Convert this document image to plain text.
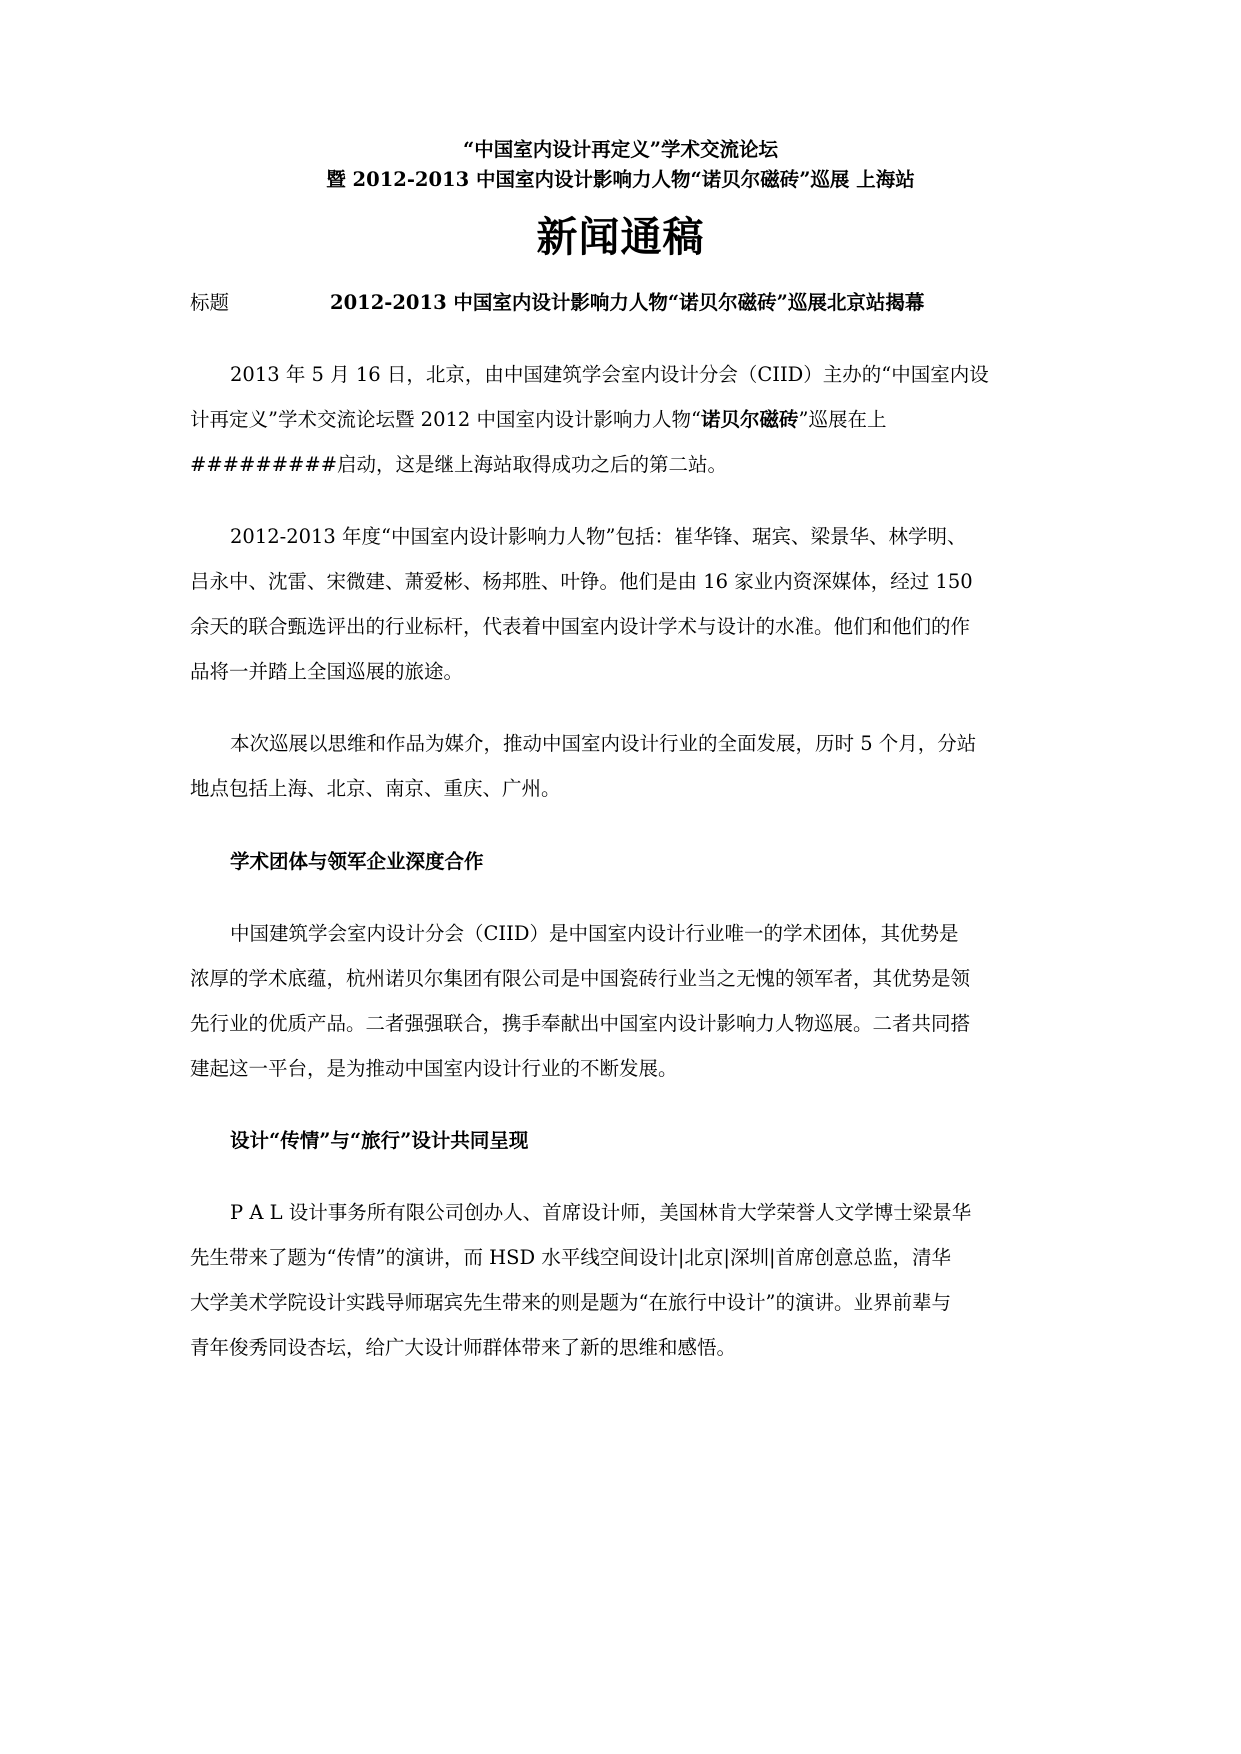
“中国室内设计再定义”学术交流论坛
暨 2012-2013 中国室内设计影响力人物“诺贝尔磁砖”巡展 上海站
新闻通稿
标题	2012-2013 中国室内设计影响力人物“诺贝尔磁砖”巡展北京站揭幕
2013 年 5 月 16 日，北京，由中国建筑学会室内设计分会（CIID）主办的“中国室内设
计再定义”学术交流论坛暨 2012 中国室内设计影响力人物“诺贝尔磁砖”巡展在上
#########启动，这是继上海站取得成功之后的第二站。
2012-2013 年度“中国室内设计影响力人物”包括：崔华锋、琚宾、梁景华、林学明、
吕永中、沈雷、宋微建、萧爱彬、杨邦胜、叶铮。他们是由 16 家业内资深媒体，经过 150
余天的联合甄选评出的行业标杆，代表着中国室内设计学术与设计的水准。他们和他们的作
品将一并踏上全国巡展的旅途。
本次巡展以思维和作品为媒介，推动中国室内设计行业的全面发展，历时 5 个月，分站
地点包括上海、北京、南京、重庆、广州。
学术团体与领军企业深度合作
中国建筑学会室内设计分会（CIID）是中国室内设计行业唯一的学术团体，其优势是
浓厚的学术底蕴，杭州诺贝尔集团有限公司是中国瓷砖行业当之无愧的领军者，其优势是领
先行业的优质产品。二者强强联合，携手奉献出中国室内设计影响力人物巡展。二者共同搭
建起这一平台，是为推动中国室内设计行业的不断发展。
设计“传情”与“旅行”设计共同呈现
P A L 设计事务所有限公司创办人、首席设计师，美国林肯大学荣誉人文学博士梁景华
先生带来了题为“传情”的演讲，而 HSD 水平线空间设计|北京|深圳|首席创意总监，清华
大学美术学院设计实践导师琚宾先生带来的则是题为“在旅行中设计”的演讲。业界前辈与
青年俊秀同设杏坛，给广大设计师群体带来了新的思维和感悟。
